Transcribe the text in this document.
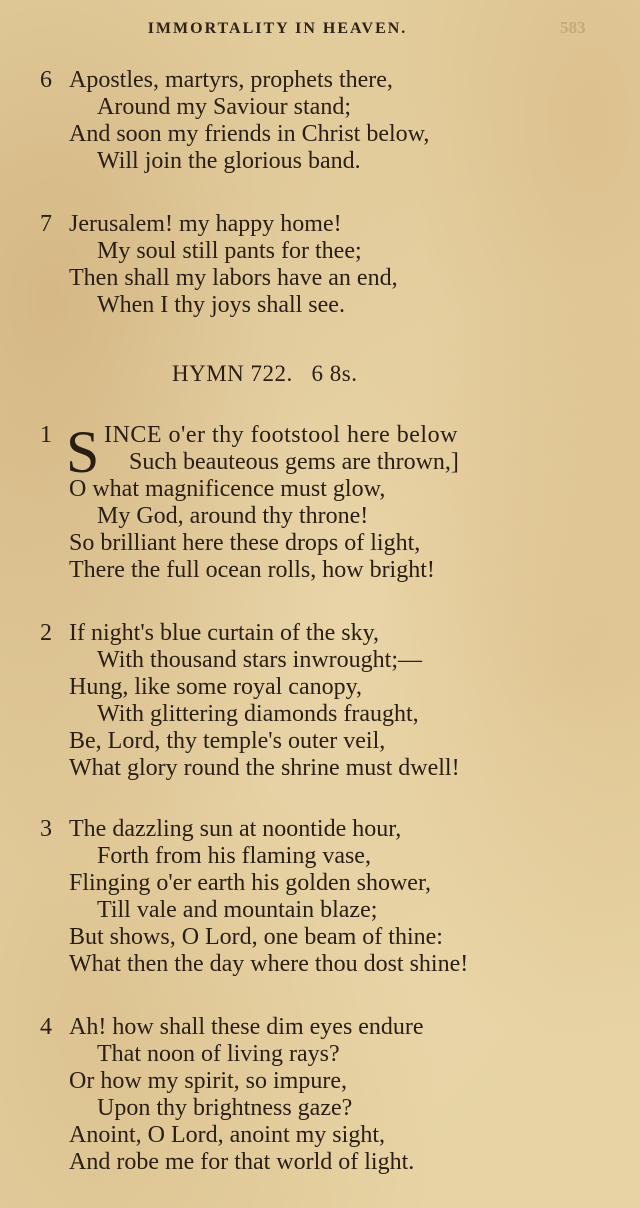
IMMORTALITY IN HEAVEN.	583
6 Apostles, martyrs, prophets there,
Around my Saviour stand;
And soon my friends in Christ below,
Will join the glorious band.
7 Jerusalem! my happy home!
My soul still pants for thee;
Then shall my labors have an end,
When I thy joys shall see.
HYMN 722.   6 8s.
1 S INCE o'er thy footstool here below
Such beauteous gems are thrown,]
O what magnificence must glow,
My God, around thy throne!
So brilliant here these drops of light,
There the full ocean rolls, how bright!
2 If night's blue curtain of the sky,
With thousand stars inwrought;—
Hung, like some royal canopy,
With glittering diamonds fraught,
Be, Lord, thy temple's outer veil,
What glory round the shrine must dwell!
3 The dazzling sun at noontide hour,
Forth from his flaming vase,
Flinging o'er earth his golden shower,
Till vale and mountain blaze;
But shows, O Lord, one beam of thine:
What then the day where thou dost shine!
4 Ah! how shall these dim eyes endure
That noon of living rays?
Or how my spirit, so impure,
Upon thy brightness gaze?
Anoint, O Lord, anoint my sight,
And robe me for that world of light.
